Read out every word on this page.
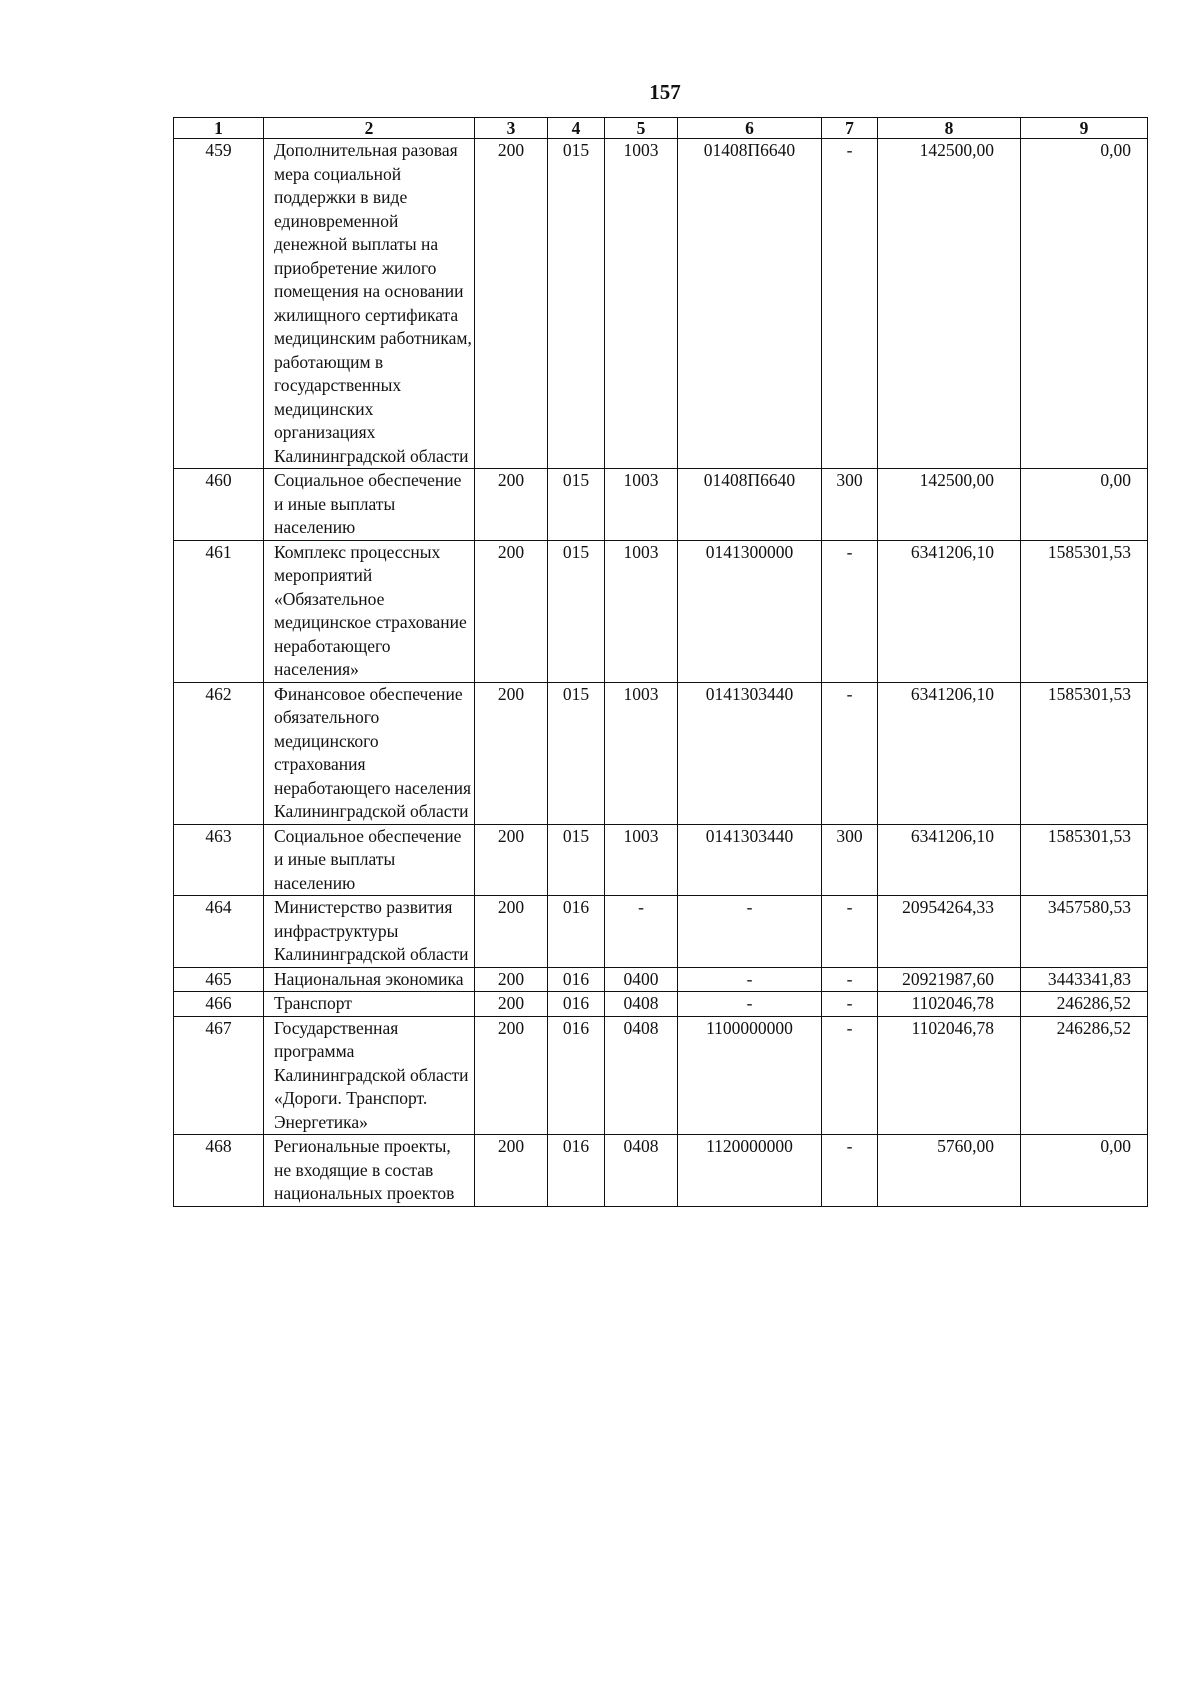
157
1	2	3	4	5	6	7	8	9
459	Дополнительная разовая мера социальной поддержки в виде единовременной денежной выплаты на приобретение жилого помещения на основании жилищного сертификата медицинским работникам, работающим в государственных медицинских организациях Калининградской области	200	015	1003	01408П6640	-	142500,00	0,00
460	Социальное обеспечение и иные выплаты населению	200	015	1003	01408П6640	300	142500,00	0,00
461	Комплекс процессных мероприятий «Обязательное медицинское страхование неработающего населения»	200	015	1003	0141300000	-	6341206,10	1585301,53
462	Финансовое обеспечение обязательного медицинского страхования неработающего населения Калининградской области	200	015	1003	0141303440	-	6341206,10	1585301,53
463	Социальное обеспечение и иные выплаты населению	200	015	1003	0141303440	300	6341206,10	1585301,53
464	Министерство развития инфраструктуры Калининградской области	200	016	-	-	-	20954264,33	3457580,53
465	Национальная экономика	200	016	0400	-	-	20921987,60	3443341,83
466	Транспорт	200	016	0408	-	-	1102046,78	246286,52
467	Государственная программа Калининградской области «Дороги. Транспорт. Энергетика»	200	016	0408	1100000000	-	1102046,78	246286,52
468	Региональные проекты, не входящие в состав национальных проектов	200	016	0408	1120000000	-	5760,00	0,00
